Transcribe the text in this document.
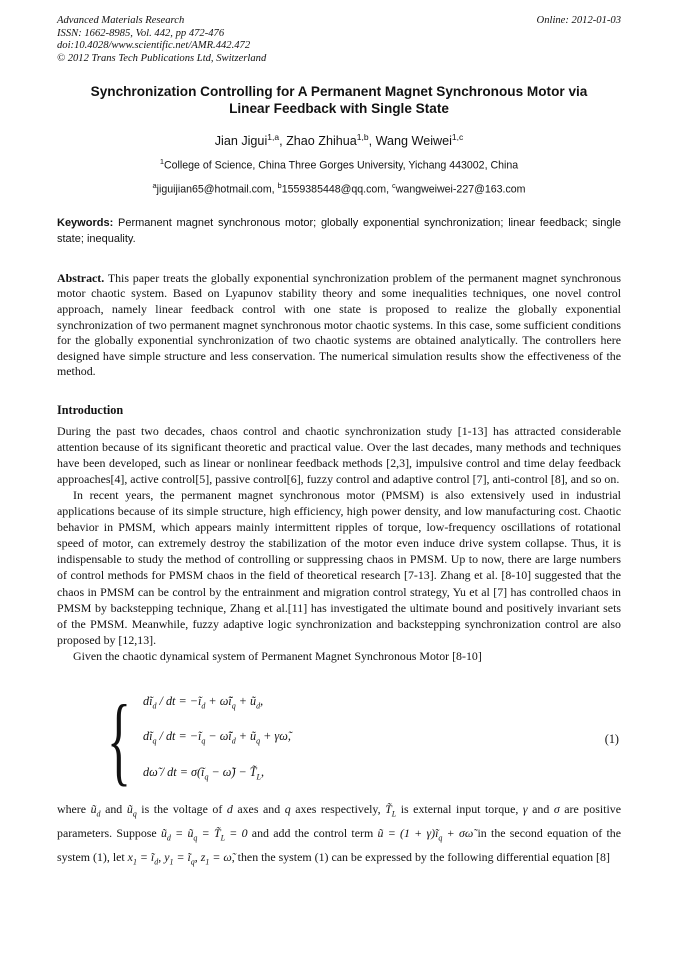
Advanced Materials Research
ISSN: 1662-8985, Vol. 442, pp 472-476
doi:10.4028/www.scientific.net/AMR.442.472
© 2012 Trans Tech Publications Ltd, Switzerland
Online: 2012-01-03
Synchronization Controlling for A Permanent Magnet Synchronous Motor via Linear Feedback with Single State
Jian Jigui$^{1,a}$, Zhao Zhihua$^{1,b}$, Wang Weiwei$^{1,c}$
$^1$College of Science, China Three Gorges University, Yichang 443002, China
$^a$jiguijian65@hotmail.com, $^b$1559385448@qq.com, $^c$wangweiwei-227@163.com

Keywords: Permanent magnet synchronous motor; globally exponential synchronization; linear feedback; single state; inequality.

Abstract. This paper treats the globally exponential synchronization problem of the permanent magnet synchronous motor chaotic system. Based on Lyapunov stability theory and some inequalities techniques, one novel control approach, namely linear feedback control with one state is proposed to realize the globally exponential synchronization of two permanent magnet synchronous motor chaotic systems. In this case, some sufficient conditions for the globally exponential synchronization of two chaotic systems are obtained analytically. The controllers here designed have simple structure and less conservation. The numerical simulation results show the effectiveness of the method.

Introduction

During the past two decades, chaos control and chaotic synchronization study [1-13] has attracted considerable attention because of its significant theoretic and practical value. Over the last decades, many methods and techniques have been developed, such as linear or nonlinear feedback methods [2,3], impulsive control and time delay feedback approaches[4], active control[5], passive control[6], fuzzy control and adaptive control [7], anti-control [8], and so on.

In recent years, the permanent magnet synchronous motor (PMSM) is also extensively used in industrial applications because of its simple structure, high efficiency, high power density, and low manufacturing cost. Chaotic behavior in PMSM, which appears mainly intermittent ripples of torque, low-frequency oscillations of rotational speed of motor, can extremely destroy the stabilization of the motor even induce drive system collapse. Thus, it is indispensable to study the method of controlling or suppressing chaos in PMSM. Up to now, there are large numbers of control methods for PMSM chaos in the field of theoretical research [7-13]. Zhang et al. [8-10] suggested that the chaos in PMSM can be control by the entrainment and migration control strategy, Yu et al [7] has controlled chaos in PMSM by backstepping technique, Zhang et al.[11] has investigated the ultimate bound and positively invariant sets of the PMSM. Meanwhile, fuzzy adaptive logic synchronization and backstepping synchronization control are also proposed by [12,13].

Given the chaotic dynamical system of Permanent Magnet Synchronous Motor [8-10]

{ $dĩ_d$ / dt = $-ĩ_d$ + $\omegãĩ_q$ + $ũ_d$,
$dĩ_q$ / dt = $-ĩ_q$ − $\omegãĩ_d$ + $ũ_q$ + γω̃,
dω̃ / dt = $\sigma(ĩ_q$ − ω̃) − $T̃_L$,
(1)

where $ũ_d$ and $ũ_q$ is the voltage of d axes and q axes respectively, $T̃_L$ is external input torque, γ and σ are positive parameters. Suppose $ũ_d$ = $ũ_q$ = $T̃_L = 0$ and add the control term ũ = $(1 + \gamma)ĩ_q$ + σω̃ in the second equation of the system (1), let $x_1$ = $ĩ_d$, $y_1$ = $ĩ_q$, $z_1$ = ω̃, then the system (1) can be expressed by the following differential equation [8]
